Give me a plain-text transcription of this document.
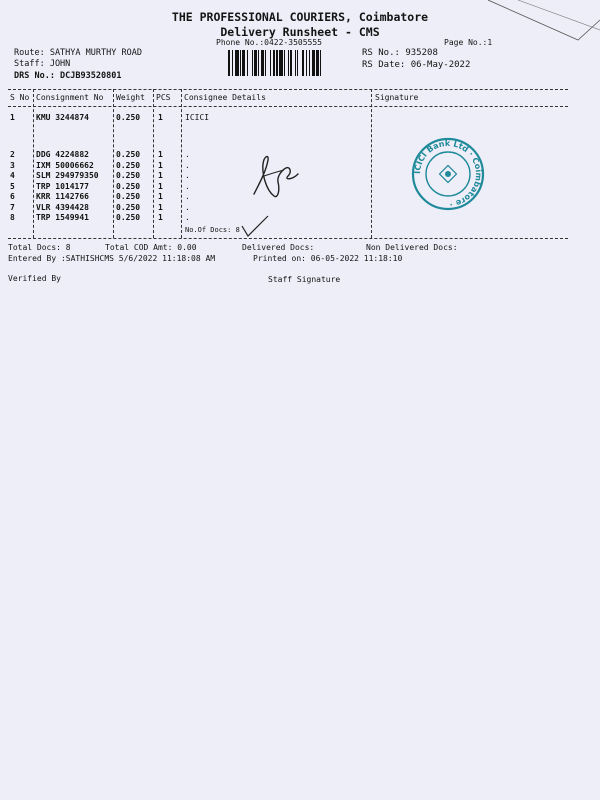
THE PROFESSIONAL COURIERS, Coimbatore
Delivery Runsheet - CMS
Phone No.:0422-3505555	Page No.:1
Route: SATHYA MURTHY ROAD
Staff: JOHN
DRS No.: DCJB93520801
RS No.: 935208
RS Date: 06-May-2022
S No Consignment No Weight PCS Consignee Details	Signature
1	KMU 3244874	0.250 1	ICICI
2	DDG 4224882	0.250 1	.
3	IXM 50006662	0.250 1	.
4	SLM 294979350 0.250 1	.
5	TRP 1014177	0.250 1	.
6	KRR 1142766	0.250 1	.
7	VLR 4394428	0.250 1	.
8	TRP 1549941	0.250 1	.
No.Of Docs: 8
ICICI Bank Ltd · Coimbatore ·
Total Docs: 8	Total COD Amt: 0.00	Delivered Docs:	Non Delivered Docs:
Entered By :SATHISHCMS 5/6/2022 11:18:08 AM	Printed on: 06-05-2022 11:18:10
Verified By	Staff Signature
